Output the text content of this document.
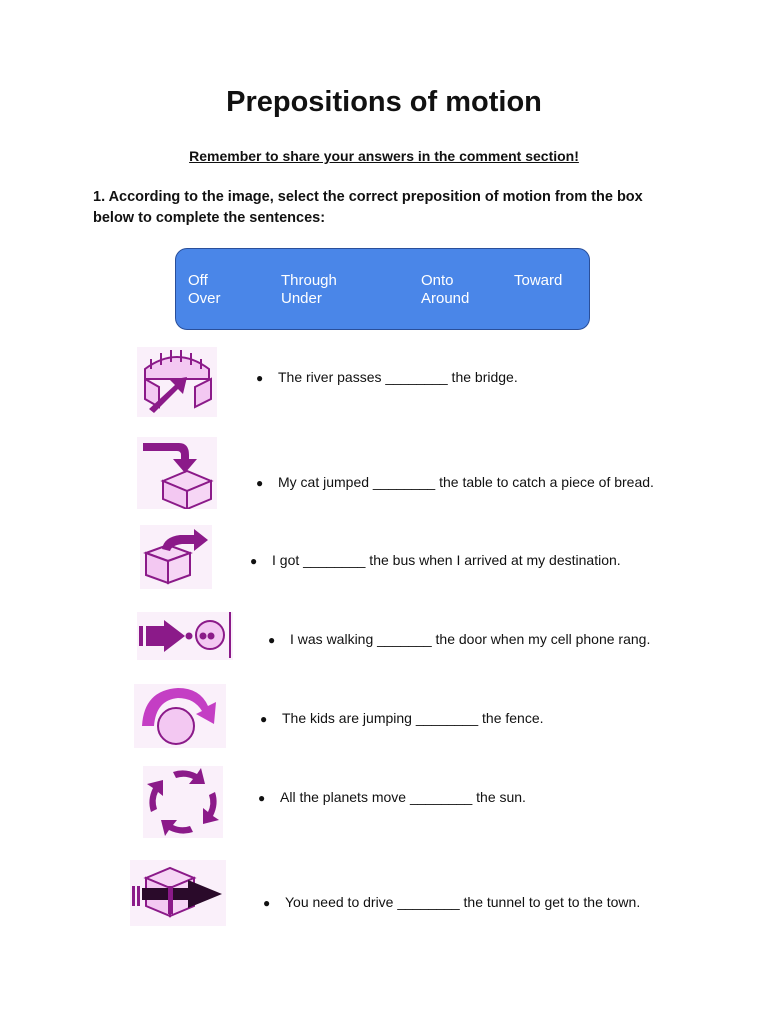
Prepositions of motion
Remember to share your answers in the comment section!
1. According to the image, select the correct preposition of motion from the box below to complete the sentences:
Off
Over
Through
Under
Onto
Around
Toward
● The river passes ________ the bridge.
● My cat jumped ________ the table to catch a piece of bread.
● I got ________ the bus when I arrived at my destination.
● I was walking _______ the door when my cell phone rang.
● The kids are jumping ________ the fence.
● All the planets move ________ the sun.
● You need to drive ________ the tunnel to get to the town.
